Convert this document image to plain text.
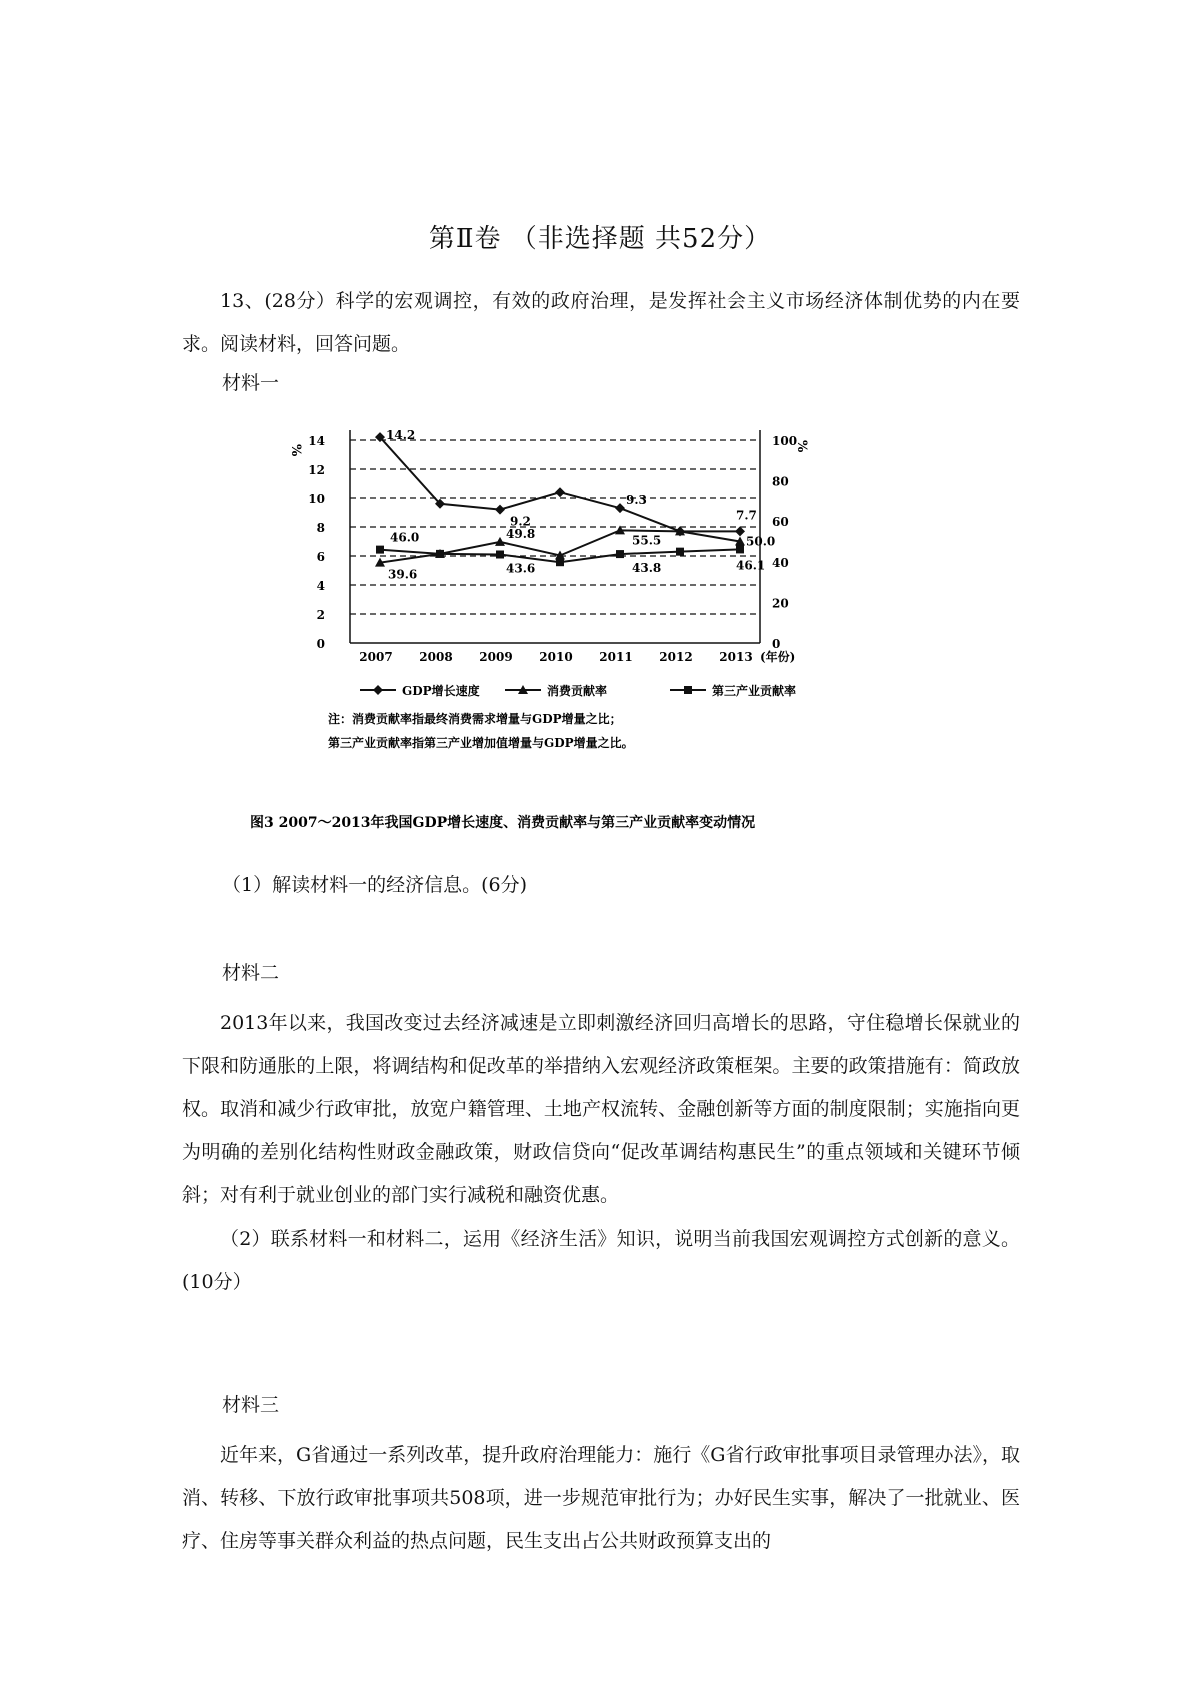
第Ⅱ卷 （非选择题 共52分）

13、(28分）科学的宏观调控，有效的政府治理，是发挥社会主义市场经济体制优势的内在要求。阅读材料，回答问题。

材料一
0
2
4
6
8
10
12
14
0
20
40
60
80
100
%	%
2007 2008 2009 2010 2011 2012 2013 (年份)
14.2
9.2
9.3
7.7
46.0	49.8	55.5	50.0
39.6	43.6	43.8	46.1
GDP增长速度	消费贡献率	第三产业贡献率
注：消费贡献率指最终消费需求增量与GDP增量之比；
第三产业贡献率指第三产业增加值增量与GDP增量之比。
图3 2007～2013年我国GDP增长速度、消费贡献率与第三产业贡献率变动情况
（1）解读材料一的经济信息。(6分)
材料二

2013年以来，我国改变过去经济减速是立即刺激经济回归高增长的思路，守住稳增长保就业的下限和防通胀的上限，将调结构和促改革的举措纳入宏观经济政策框架。主要的政策措施有：简政放权。取消和减少行政审批，放宽户籍管理、土地产权流转、金融创新等方面的制度限制；实施指向更为明确的差别化结构性财政金融政策，财政信贷向“促改革调结构惠民生”的重点领域和关键环节倾斜；对有利于就业创业的部门实行减税和融资优惠。

（2）联系材料一和材料二，运用《经济生活》知识，说明当前我国宏观调控方式创新的意义。(10分）

材料三

近年来，G省通过一系列改革，提升政府治理能力：施行《G省行政审批事项目录管理办法》，取消、转移、下放行政审批事项共508项，进一步规范审批行为；办好民生实事，解决了一批就业、医疗、住房等事关群众利益的热点问题，民生支出占公共财政预算支出的
